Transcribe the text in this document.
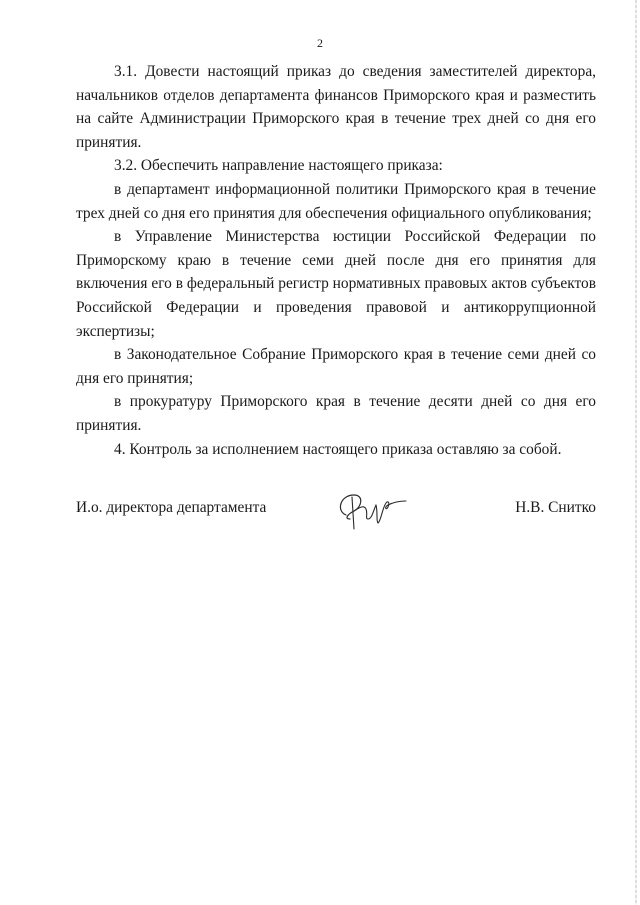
2

3.1. Довести настоящий приказ до сведения заместителей директора, начальников отделов департамента финансов Приморского края и разместить на сайте Администрации Приморского края в течение трех дней со дня его принятия.

3.2. Обеспечить направление настоящего приказа:

в департамент информационной политики Приморского края в течение трех дней со дня его принятия для обеспечения официального опубликования;

в Управление Министерства юстиции Российской Федерации по Приморскому краю в течение семи дней после дня его принятия для включения его в федеральный регистр нормативных правовых актов субъектов Российской Федерации и проведения правовой и антикоррупционной экспертизы;

в Законодательное Собрание Приморского края в течение семи дней со дня его принятия;

в прокуратуру Приморского края в течение десяти дней со дня его принятия.

4. Контроль за исполнением настоящего приказа оставляю за собой.

И.о. директора департамента	Н.В. Снитко
